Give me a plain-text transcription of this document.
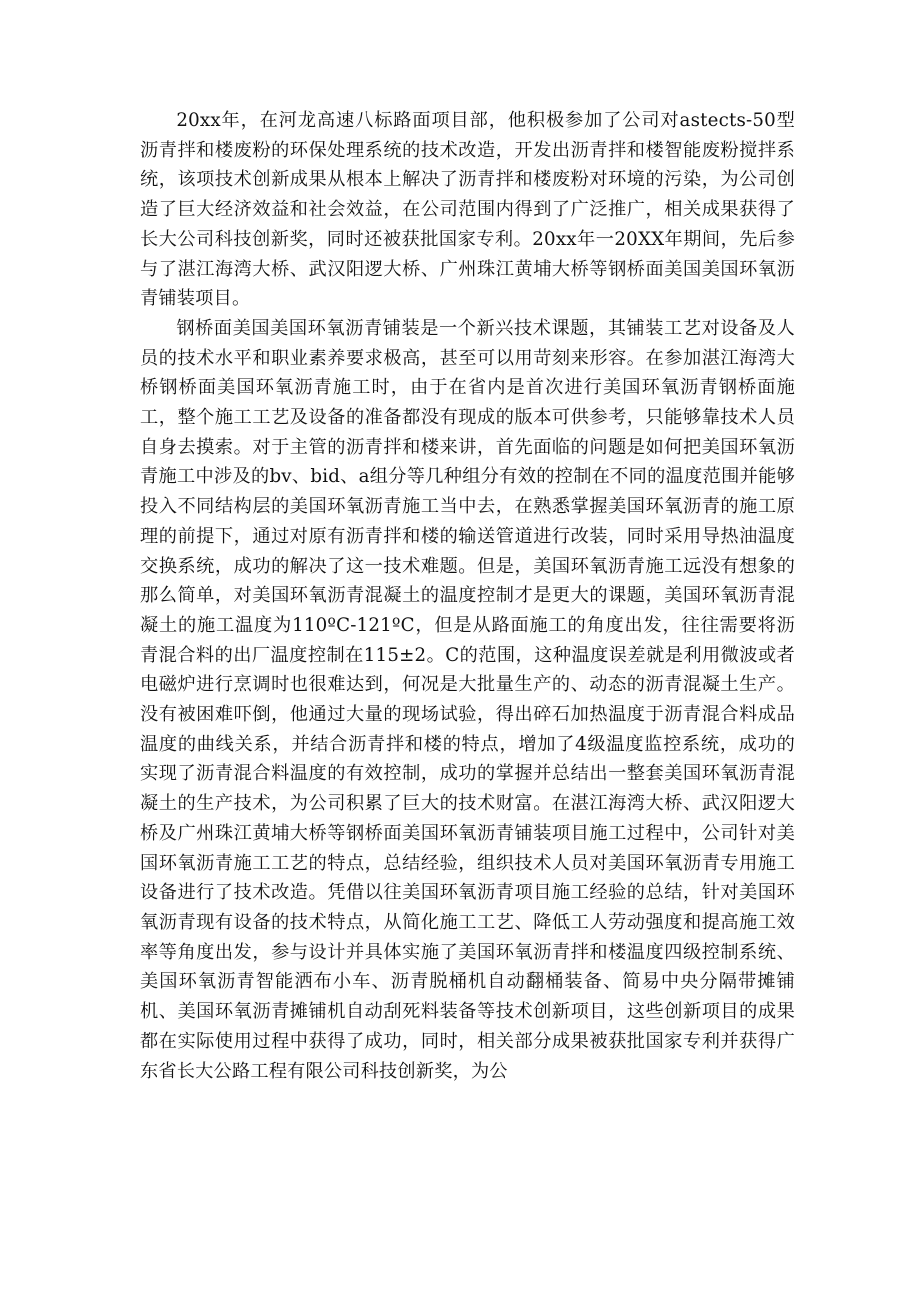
20xx年，在河龙高速八标路面项目部，他积极参加了公司对astects-50型沥青拌和楼废粉的环保处理系统的技术改造，开发出沥青拌和楼智能废粉搅拌系统，该项技术创新成果从根本上解决了沥青拌和楼废粉对环境的污染，为公司创造了巨大经济效益和社会效益，在公司范围内得到了广泛推广，相关成果获得了长大公司科技创新奖，同时还被获批国家专利。20xx年一20XX年期间，先后参与了湛江海湾大桥、武汉阳逻大桥、广州珠江黄埔大桥等钢桥面美国美国环氧沥青铺装项目。

钢桥面美国美国环氧沥青铺装是一个新兴技术课题，其铺装工艺对设备及人员的技术水平和职业素养要求极高，甚至可以用苛刻来形容。在参加湛江海湾大桥钢桥面美国环氧沥青施工时，由于在省内是首次进行美国环氧沥青钢桥面施工，整个施工工艺及设备的准备都没有现成的版本可供参考，只能够靠技术人员自身去摸索。对于主管的沥青拌和楼来讲，首先面临的问题是如何把美国环氧沥青施工中涉及的bv、bid、a组分等几种组分有效的控制在不同的温度范围并能够投入不同结构层的美国环氧沥青施工当中去，在熟悉掌握美国环氧沥青的施工原理的前提下，通过对原有沥青拌和楼的输送管道进行改装，同时采用导热油温度交换系统，成功的解决了这一技术难题。但是，美国环氧沥青施工远没有想象的那么简单，对美国环氧沥青混凝土的温度控制才是更大的课题，美国环氧沥青混凝土的施工温度为110ºC-121ºC，但是从路面施工的角度出发，往往需要将沥青混合料的出厂温度控制在115±2。C的范围，这种温度误差就是利用微波或者电磁炉进行烹调时也很难达到，何况是大批量生产的、动态的沥青混凝土生产。没有被困难吓倒，他通过大量的现场试验，得出碎石加热温度于沥青混合料成品温度的曲线关系，并结合沥青拌和楼的特点，增加了4级温度监控系统，成功的实现了沥青混合料温度的有效控制，成功的掌握并总结出一整套美国环氧沥青混凝土的生产技术，为公司积累了巨大的技术财富。在湛江海湾大桥、武汉阳逻大桥及广州珠江黄埔大桥等钢桥面美国环氧沥青铺装项目施工过程中，公司针对美国环氧沥青施工工艺的特点，总结经验，组织技术人员对美国环氧沥青专用施工设备进行了技术改造。凭借以往美国环氧沥青项目施工经验的总结，针对美国环氧沥青现有设备的技术特点，从简化施工工艺、降低工人劳动强度和提高施工效率等角度出发，参与设计并具体实施了美国环氧沥青拌和楼温度四级控制系统、美国环氧沥青智能洒布小车、沥青脱桶机自动翻桶装备、简易中央分隔带摊铺机、美国环氧沥青摊铺机自动刮死料装备等技术创新项目，这些创新项目的成果都在实际使用过程中获得了成功，同时，相关部分成果被获批国家专利并获得广东省长大公路工程有限公司科技创新奖，为公
